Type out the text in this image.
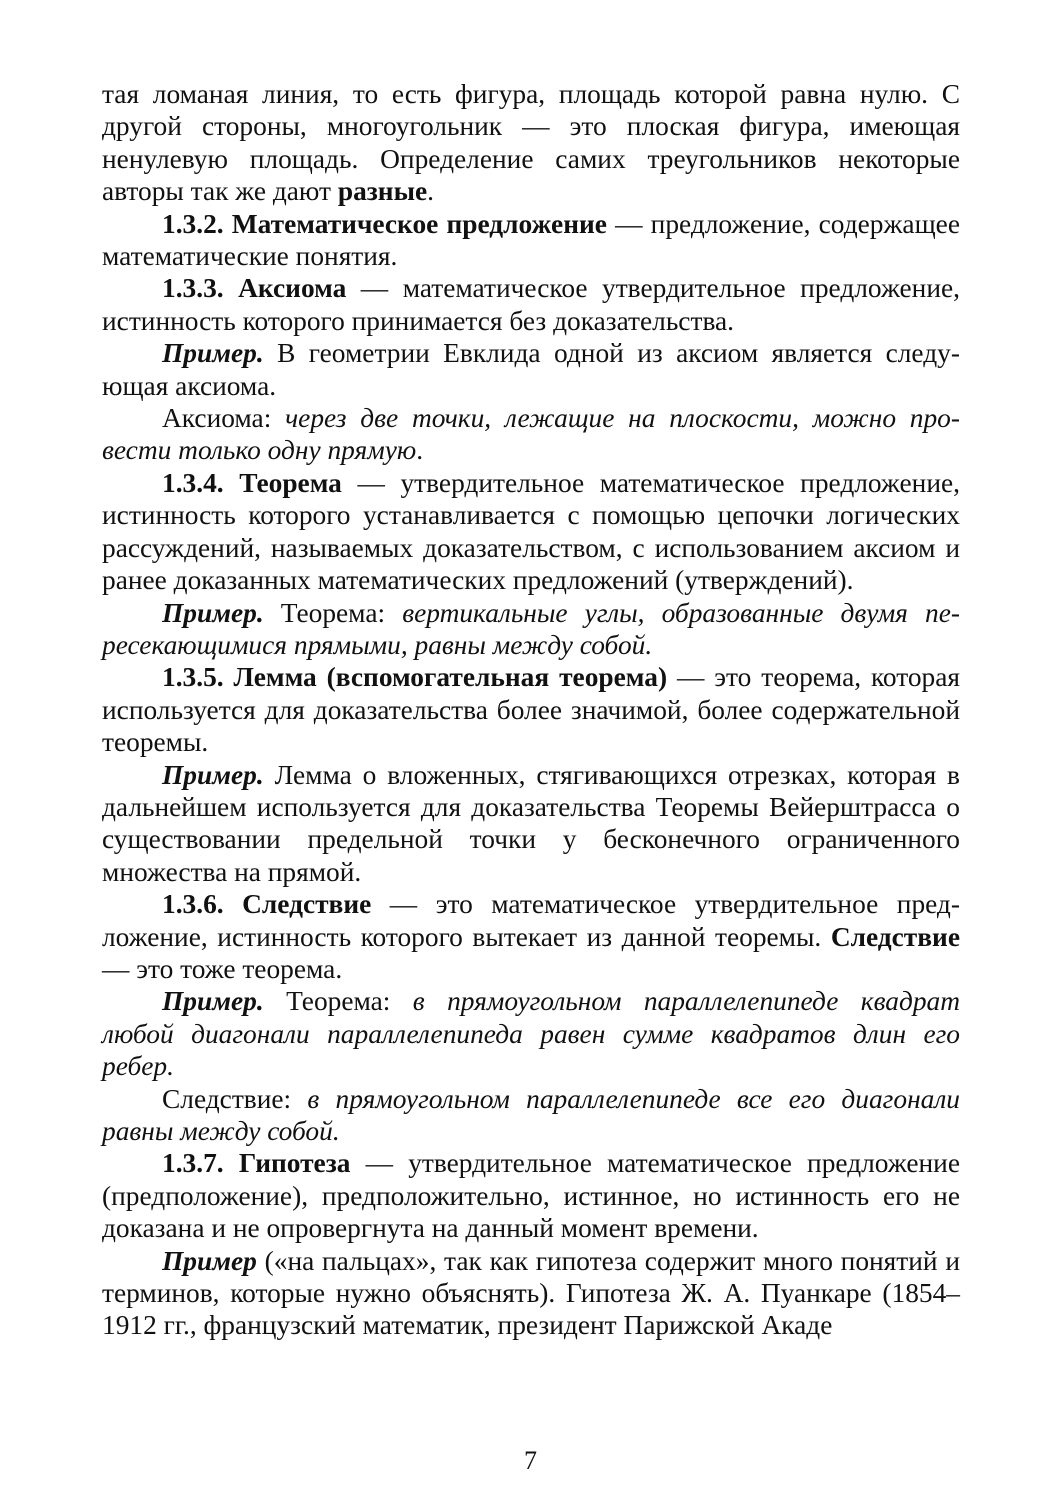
тая ломаная линия, то есть фигура, площадь которой равна нулю. С другой стороны, многоугольник — это плоская фигура, имеющая ненулевую площадь. Определение самих треугольников некоторые авторы так же дают разные.

1.3.2. Математическое предложение — предложение, содержащее математические понятия.

1.3.3. Аксиома — математическое утвердительное предложение, истинность которого принимается без доказательства.

Пример. В геометрии Евклида одной из аксиом является следующая аксиома.

Аксиома: через две точки, лежащие на плоскости, можно провести только одну прямую.

1.3.4. Теорема — утвердительное математическое предложение, истинность которого устанавливается с помощью цепочки логических рассуждений, называемых доказательством, с использованием аксиом и ранее доказанных математических предложений (утверждений).

Пример. Теорема: вертикальные углы, образованные двумя пересекающимися прямыми, равны между собой.

1.3.5. Лемма (вспомогательная теорема) — это теорема, которая используется для доказательства более значимой, более содержательной теоремы.

Пример. Лемма о вложенных, стягивающихся отрезках, которая в дальнейшем используется для доказательства Теоремы Вейерштрасса о существовании предельной точки у бесконечного ограниченного множества на прямой.

1.3.6. Следствие — это математическое утвердительное предложение, истинность которого вытекает из данной теоремы. Следствие — это тоже теорема.

Пример. Теорема: в прямоугольном параллелепипеде квадрат любой диагонали параллелепипеда равен сумме квадратов длин его ребер.

Следствие: в прямоугольном параллелепипеде все его диагонали равны между собой.

1.3.7. Гипотеза — утвердительное математическое предложение (предположение), предположительно, истинное, но истинность его не доказана и не опровергнута на данный момент времени.

Пример («на пальцах», так как гипотеза содержит много понятий и терминов, которые нужно объяснять). Гипотеза Ж. А. Пуанкаре (1854–1912 гг., французский математик, президент Парижской Акаде

7
